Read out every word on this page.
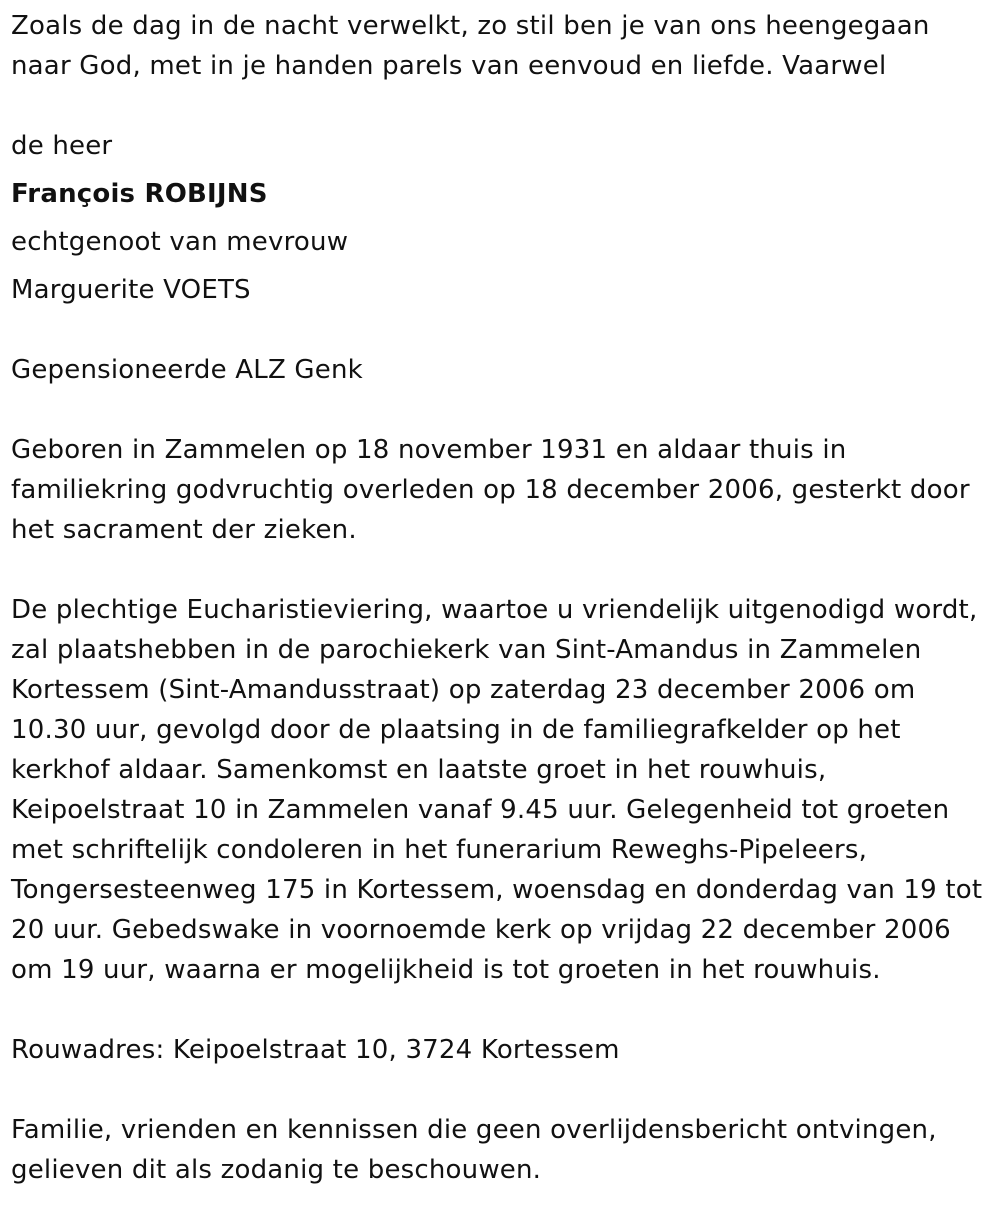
Zoals de dag in de nacht verwelkt, zo stil ben je van ons heengegaan
naar God, met in je handen parels van eenvoud en liefde. Vaarwel
de heer
François ROBIJNS
echtgenoot van mevrouw
Marguerite VOETS
Gepensioneerde ALZ Genk
Geboren in Zammelen op 18 november 1931 en aldaar thuis in
familiekring godvruchtig overleden op 18 december 2006, gesterkt door
het sacrament der zieken.
De plechtige Eucharistieviering, waartoe u vriendelijk uitgenodigd wordt,
zal plaatshebben in de parochiekerk van Sint-Amandus in Zammelen
Kortessem (Sint-Amandusstraat) op zaterdag 23 december 2006 om
10.30 uur, gevolgd door de plaatsing in de familiegrafkelder op het
kerkhof aldaar. Samenkomst en laatste groet in het rouwhuis,
Keipoelstraat 10 in Zammelen vanaf 9.45 uur. Gelegenheid tot groeten
met schriftelijk condoleren in het funerarium Reweghs-Pipeleers,
Tongersesteenweg 175 in Kortessem, woensdag en donderdag van 19 tot
20 uur. Gebedswake in voornoemde kerk op vrijdag 22 december 2006
om 19 uur, waarna er mogelijkheid is tot groeten in het rouwhuis.
Rouwadres: Keipoelstraat 10, 3724 Kortessem
Familie, vrienden en kennissen die geen overlijdensbericht ontvingen,
gelieven dit als zodanig te beschouwen.
